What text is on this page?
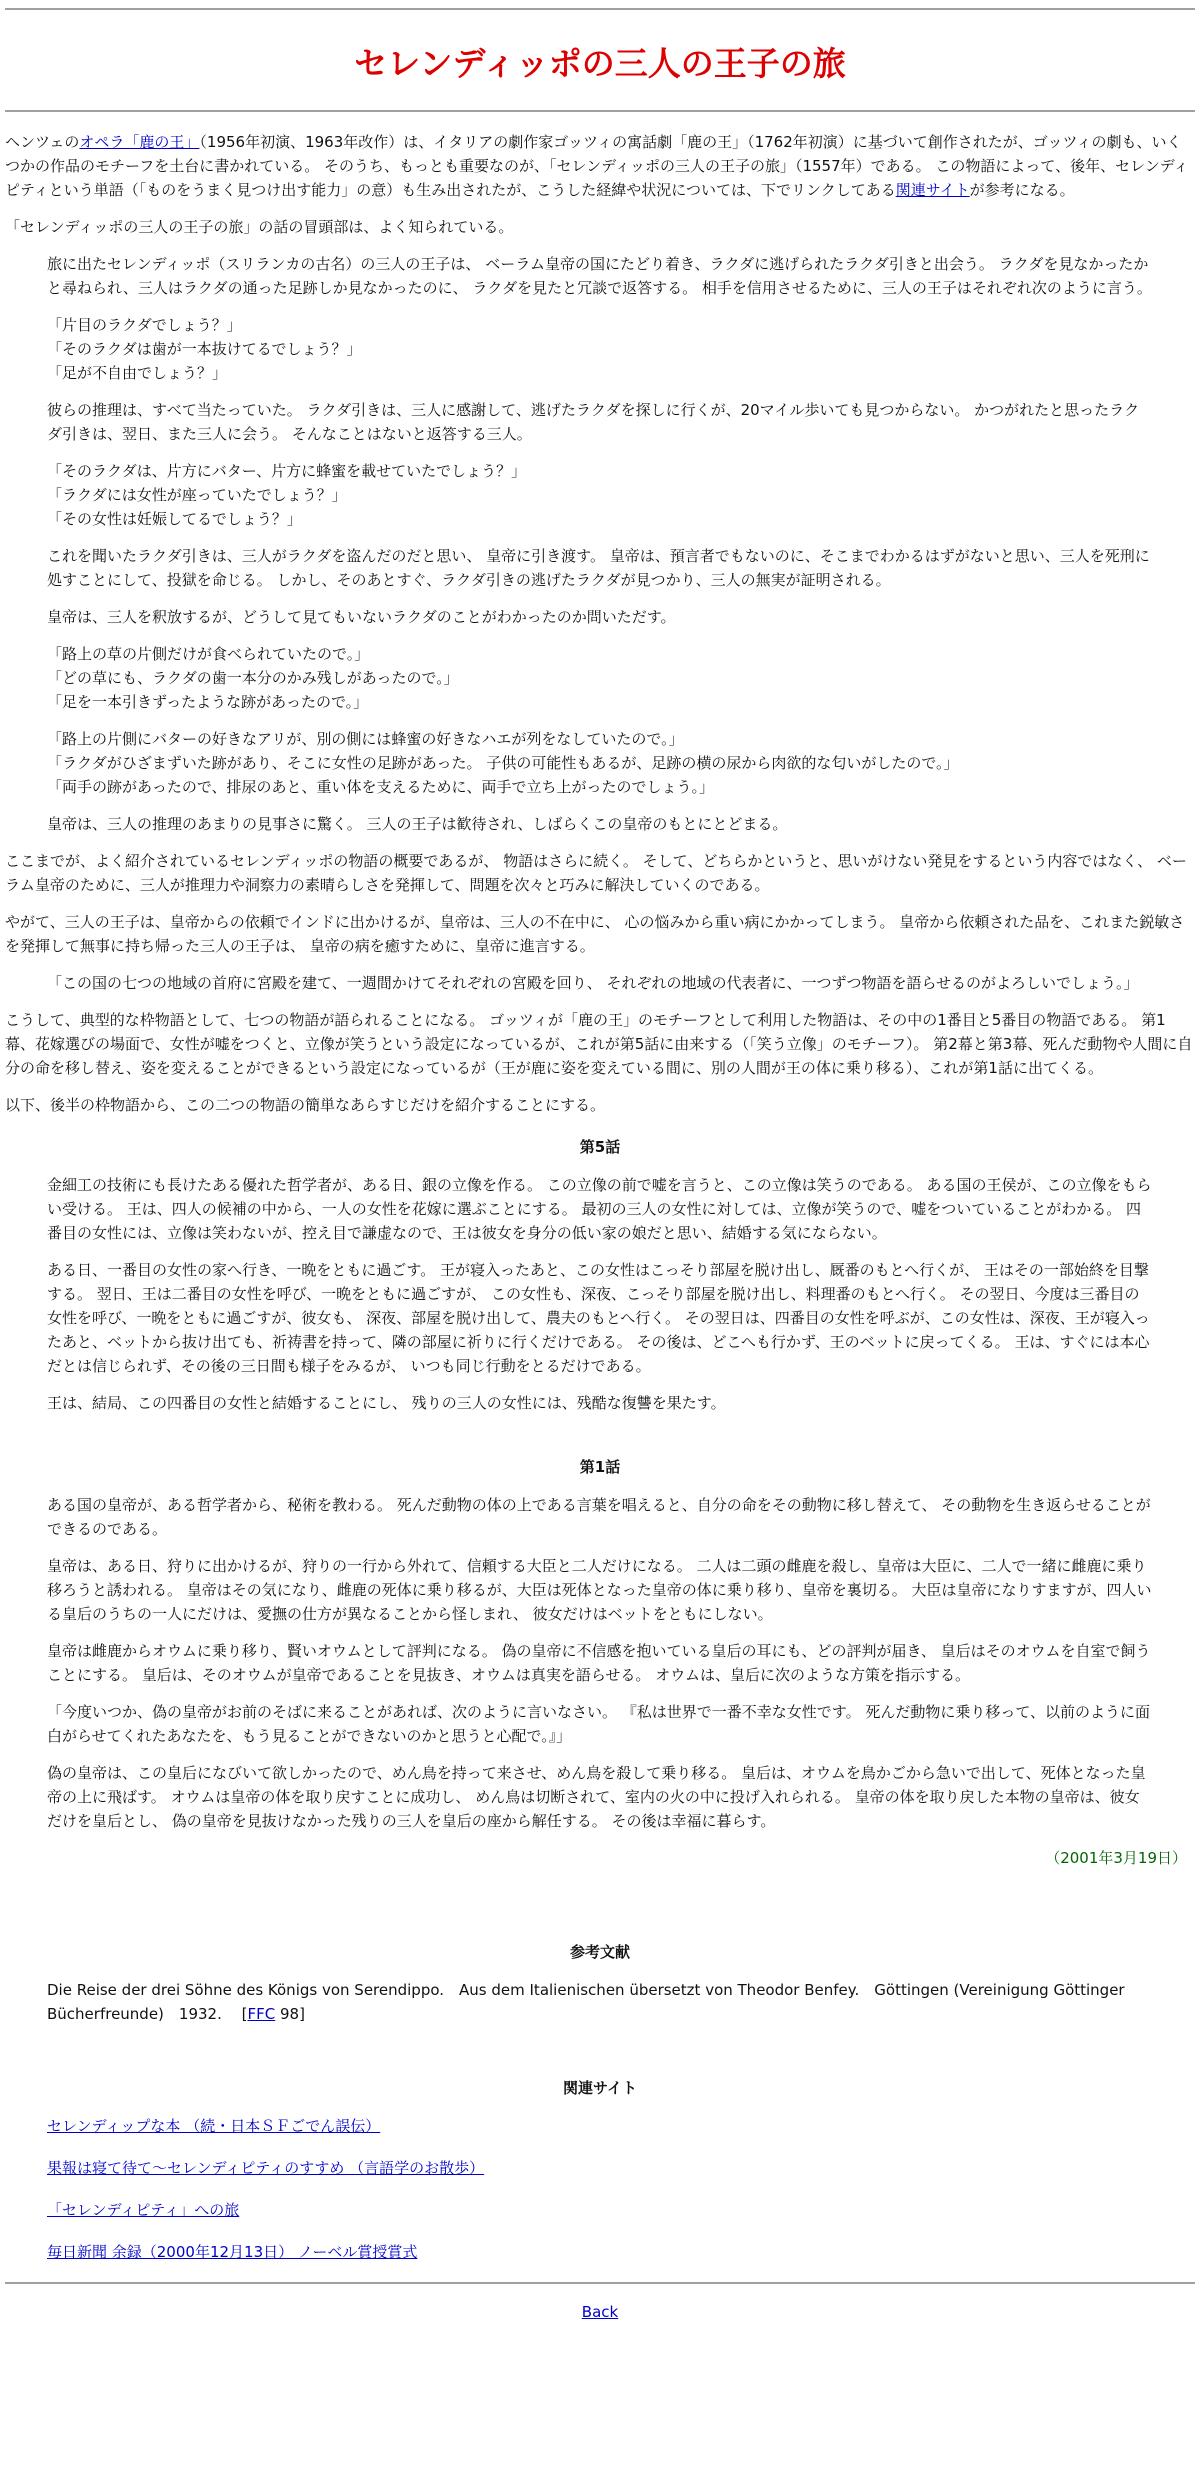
セレンディッポの三人の王子の旅

ヘンツェのオペラ「鹿の王」（1956年初演、1963年改作）は、イタリアの劇作家ゴッツィの寓話劇「鹿の王」（1762年初演）に基づいて創作されたが、ゴッツィの劇も、いくつかの作品のモチーフを土台に書かれている。 そのうち、もっとも重要なのが、「セレンディッポの三人の王子の旅」（1557年）である。 この物語によって、後年、セレンディピティという単語（「ものをうまく見つけ出す能力」の意）も生み出されたが、こうした経緯や状況については、下でリンクしてある関連サイトが参考になる。

「セレンディッポの三人の王子の旅」の話の冒頭部は、よく知られている。

旅に出たセレンディッポ（スリランカの古名）の三人の王子は、 ベーラム皇帝の国にたどり着き、ラクダに逃げられたラクダ引きと出会う。 ラクダを見なかったかと尋ねられ、三人はラクダの通った足跡しか見なかったのに、 ラクダを見たと冗談で返答する。 相手を信用させるために、三人の王子はそれぞれ次のように言う。

「片目のラクダでしょう？」

「そのラクダは歯が一本抜けてるでしょう？」

「足が不自由でしょう？」

彼らの推理は、すべて当たっていた。 ラクダ引きは、三人に感謝して、逃げたラクダを探しに行くが、20マイル歩いても見つからない。 かつがれたと思ったラクダ引きは、翌日、また三人に会う。 そんなことはないと返答する三人。

「そのラクダは、片方にバター、片方に蜂蜜を載せていたでしょう？」

「ラクダには女性が座っていたでしょう？」

「その女性は妊娠してるでしょう？」

これを聞いたラクダ引きは、三人がラクダを盗んだのだと思い、 皇帝に引き渡す。 皇帝は、預言者でもないのに、そこまでわかるはずがないと思い、三人を死刑に処すことにして、投獄を命じる。 しかし、そのあとすぐ、ラクダ引きの逃げたラクダが見つかり、三人の無実が証明される。

皇帝は、三人を釈放するが、どうして見てもいないラクダのことがわかったのか問いただす。

「路上の草の片側だけが食べられていたので。」

「どの草にも、ラクダの歯一本分のかみ残しがあったので。」

「足を一本引きずったような跡があったので。」

「路上の片側にバターの好きなアリが、別の側には蜂蜜の好きなハエが列をなしていたので。」

「ラクダがひざまずいた跡があり、そこに女性の足跡があった。 子供の可能性もあるが、足跡の横の尿から肉欲的な匂いがしたので。」

「両手の跡があったので、排尿のあと、重い体を支えるために、両手で立ち上がったのでしょう。」

皇帝は、三人の推理のあまりの見事さに驚く。 三人の王子は歓待され、しばらくこの皇帝のもとにとどまる。

ここまでが、よく紹介されているセレンディッポの物語の概要であるが、 物語はさらに続く。 そして、どちらかというと、思いがけない発見をするという内容ではなく、 ベーラム皇帝のために、三人が推理力や洞察力の素晴らしさを発揮して、問題を次々と巧みに解決していくのである。

やがて、三人の王子は、皇帝からの依頼でインドに出かけるが、皇帝は、三人の不在中に、 心の悩みから重い病にかかってしまう。 皇帝から依頼された品を、これまた鋭敏さを発揮して無事に持ち帰った三人の王子は、 皇帝の病を癒すために、皇帝に進言する。

「この国の七つの地域の首府に宮殿を建て、一週間かけてそれぞれの宮殿を回り、 それぞれの地域の代表者に、一つずつ物語を語らせるのがよろしいでしょう。」

こうして、典型的な枠物語として、七つの物語が語られることになる。 ゴッツィが「鹿の王」のモチーフとして利用した物語は、その中の1番目と5番目の物語である。 第1幕、花嫁選びの場面で、女性が嘘をつくと、立像が笑うという設定になっているが、これが第5話に由来する（「笑う立像」のモチーフ）。 第2幕と第3幕、死んだ動物や人間に自分の命を移し替え、姿を変えることができるという設定になっているが（王が鹿に姿を変えている間に、別の人間が王の体に乗り移る）、これが第1話に出てくる。

以下、後半の枠物語から、この二つの物語の簡単なあらすじだけを紹介することにする。

第5話

金細工の技術にも長けたある優れた哲学者が、ある日、銀の立像を作る。 この立像の前で嘘を言うと、この立像は笑うのである。 ある国の王侯が、この立像をもらい受ける。 王は、四人の候補の中から、一人の女性を花嫁に選ぶことにする。 最初の三人の女性に対しては、立像が笑うので、嘘をついていることがわかる。 四番目の女性には、立像は笑わないが、控え目で謙虚なので、王は彼女を身分の低い家の娘だと思い、結婚する気にならない。

ある日、一番目の女性の家へ行き、一晩をともに過ごす。 王が寝入ったあと、この女性はこっそり部屋を脱け出し、厩番のもとへ行くが、 王はその一部始終を目撃する。 翌日、王は二番目の女性を呼び、一晩をともに過ごすが、 この女性も、深夜、こっそり部屋を脱け出し、料理番のもとへ行く。 その翌日、今度は三番目の女性を呼び、一晩をともに過ごすが、彼女も、 深夜、部屋を脱け出して、農夫のもとへ行く。 その翌日は、四番目の女性を呼ぶが、この女性は、深夜、王が寝入ったあと、ベットから抜け出ても、祈祷書を持って、隣の部屋に祈りに行くだけである。 その後は、どこへも行かず、王のベットに戻ってくる。 王は、すぐには本心だとは信じられず、その後の三日間も様子をみるが、 いつも同じ行動をとるだけである。

王は、結局、この四番目の女性と結婚することにし、 残りの三人の女性には、残酷な復讐を果たす。

第1話

ある国の皇帝が、ある哲学者から、秘術を教わる。 死んだ動物の体の上である言葉を唱えると、自分の命をその動物に移し替えて、 その動物を生き返らせることができるのである。

皇帝は、ある日、狩りに出かけるが、狩りの一行から外れて、信頼する大臣と二人だけになる。 二人は二頭の雌鹿を殺し、皇帝は大臣に、二人で一緒に雌鹿に乗り移ろうと誘われる。 皇帝はその気になり、雌鹿の死体に乗り移るが、大臣は死体となった皇帝の体に乗り移り、皇帝を裏切る。 大臣は皇帝になりすますが、四人いる皇后のうちの一人にだけは、愛撫の仕方が異なることから怪しまれ、 彼女だけはベットをともにしない。

皇帝は雌鹿からオウムに乗り移り、賢いオウムとして評判になる。 偽の皇帝に不信感を抱いている皇后の耳にも、どの評判が届き、 皇后はそのオウムを自室で飼うことにする。 皇后は、そのオウムが皇帝であることを見抜き、オウムは真実を語らせる。 オウムは、皇后に次のような方策を指示する。

「今度いつか、偽の皇帝がお前のそばに来ることがあれば、次のように言いなさい。 『私は世界で一番不幸な女性です。 死んだ動物に乗り移って、以前のように面白がらせてくれたあなたを、もう見ることができないのかと思うと心配で。』」

偽の皇帝は、この皇后になびいて欲しかったので、めん鳥を持って来させ、めん鳥を殺して乗り移る。 皇后は、オウムを鳥かごから急いで出して、死体となった皇帝の上に飛ばす。 オウムは皇帝の体を取り戻すことに成功し、 めん鳥は切断されて、室内の火の中に投げ入れられる。 皇帝の体を取り戻した本物の皇帝は、彼女だけを皇后とし、 偽の皇帝を見抜けなかった残りの三人を皇后の座から解任する。 その後は幸福に暮らす。

（2001年3月19日）

参考文献

Die Reise der drei Söhne des Königs von Serendippo.　Aus dem Italienischen übersetzt von Theodor Benfey.　Göttingen (Vereinigung Göttinger Bücherfreunde)　1932.　 [FFC 98]

関連サイト

セレンディップな本 （続・日本ＳＦごでん誤伝）

果報は寝て待て〜セレンディピティのすすめ （言語学のお散歩）

「セレンディピティ」への旅

毎日新聞 余録（2000年12月13日） ノーベル賞授賞式

Back
